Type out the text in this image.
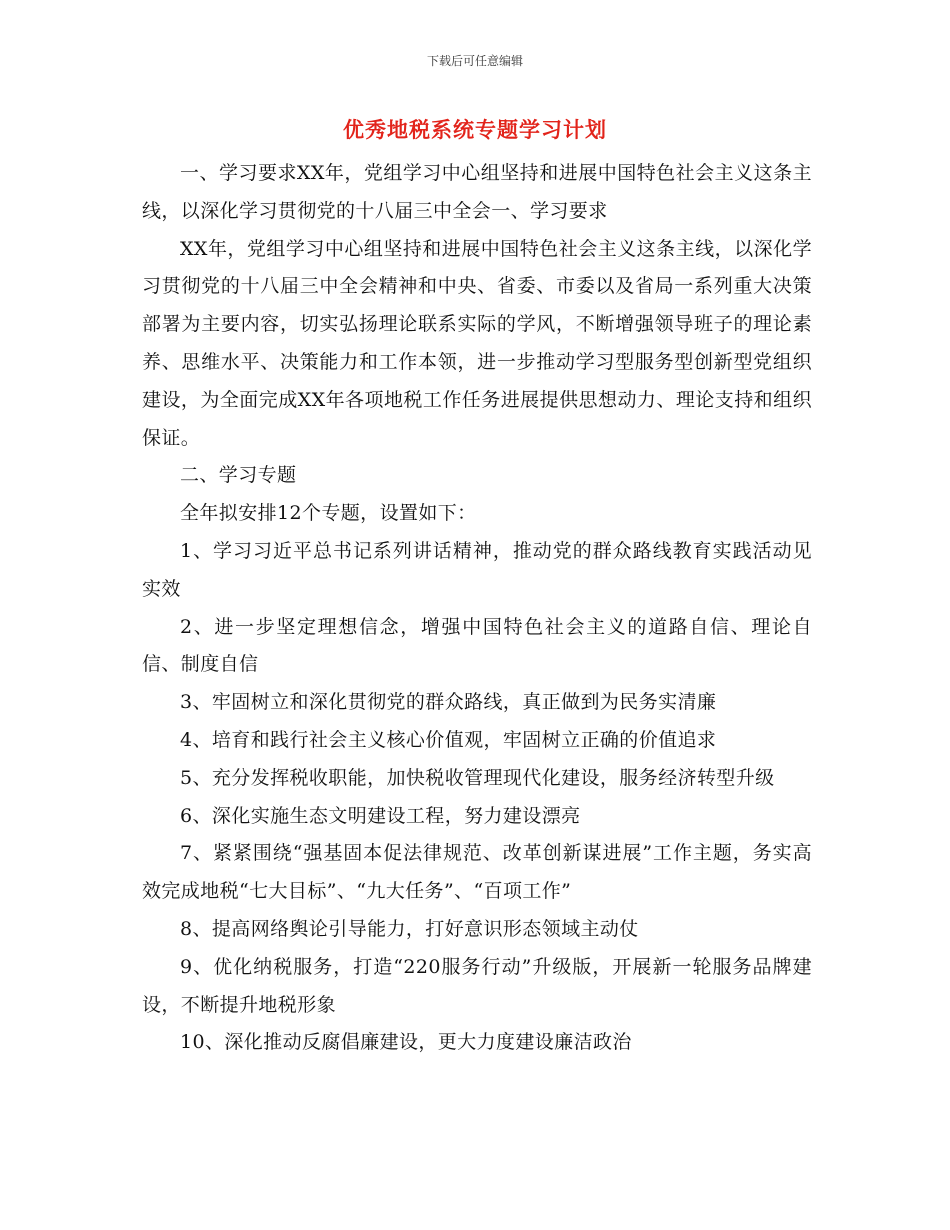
下载后可任意编辑
优秀地税系统专题学习计划

一、学习要求XX年，党组学习中心组坚持和进展中国特色社会主义这条主线，以深化学习贯彻党的十八届三中全会一、学习要求

XX年，党组学习中心组坚持和进展中国特色社会主义这条主线，以深化学习贯彻党的十八届三中全会精神和中央、省委、市委以及省局一系列重大决策部署为主要内容，切实弘扬理论联系实际的学风，不断增强领导班子的理论素养、思维水平、决策能力和工作本领，进一步推动学习型服务型创新型党组织建设，为全面完成XX年各项地税工作任务进展提供思想动力、理论支持和组织保证。

二、学习专题

全年拟安排12个专题，设置如下：

1、学习习近平总书记系列讲话精神，推动党的群众路线教育实践活动见实效

2、进一步坚定理想信念，增强中国特色社会主义的道路自信、理论自信、制度自信

3、牢固树立和深化贯彻党的群众路线，真正做到为民务实清廉

4、培育和践行社会主义核心价值观，牢固树立正确的价值追求

5、充分发挥税收职能，加快税收管理现代化建设，服务经济转型升级

6、深化实施生态文明建设工程，努力建设漂亮

7、紧紧围绕“强基固本促法律规范、改革创新谋进展”工作主题，务实高效完成地税“七大目标”、“九大任务”、“百项工作”

8、提高网络舆论引导能力，打好意识形态领域主动仗

9、优化纳税服务，打造“220服务行动”升级版，开展新一轮服务品牌建设，不断提升地税形象

10、深化推动反腐倡廉建设，更大力度建设廉洁政治
